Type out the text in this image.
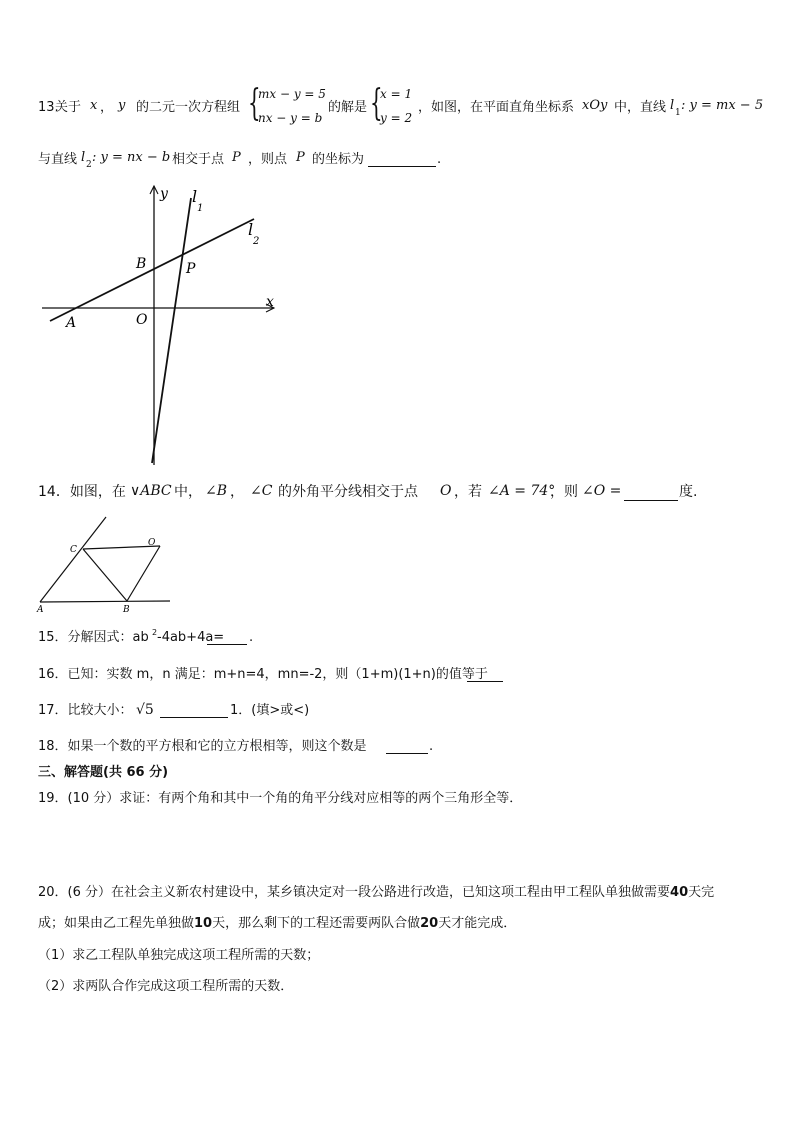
13.
关于 x ， y 的二元一次方程组 {
mx − y = 5
nx − y = b
的解是 {
x = 1
y = 2
，如图，在平面直角坐标系 xOy 中，直线 l 1 : y = mx − 5
与直线 l 2 : y = nx − b 相交于点 P ，则点 P 的坐标为	.
y
x
l
1
l
2
B	P
A	O
14．如图，在 ∨ABC 中， ∠B ， ∠C 的外角平分线相交于点 O ，若 ∠A = 74°
，则 ∠O =	度.
C
O
A	B
15．分解因式：ab 2 -4ab+4a= .
16．已知：实数 m，n 满足：m+n=4，mn=-2，则（1+m)(1+n)的值等于
17．比较大小： √5	1．(填>或<)
18．如果一个数的平方根和它的立方根相等，则这个数是	.
三、解答题(共 66 分)
19．(10 分）求证：有两个角和其中一个角的角平分线对应相等的两个三角形全等．
20．(6 分）在社会主义新农村建设中，某乡镇决定对一段公路进行改造，已知这项工程由甲工程队单独做需要40天完
成；如果由乙工程先单独做10天，那么剩下的工程还需要两队合做20天才能完成．
（1）求乙工程队单独完成这项工程所需的天数；
（2）求两队合作完成这项工程所需的天数．
